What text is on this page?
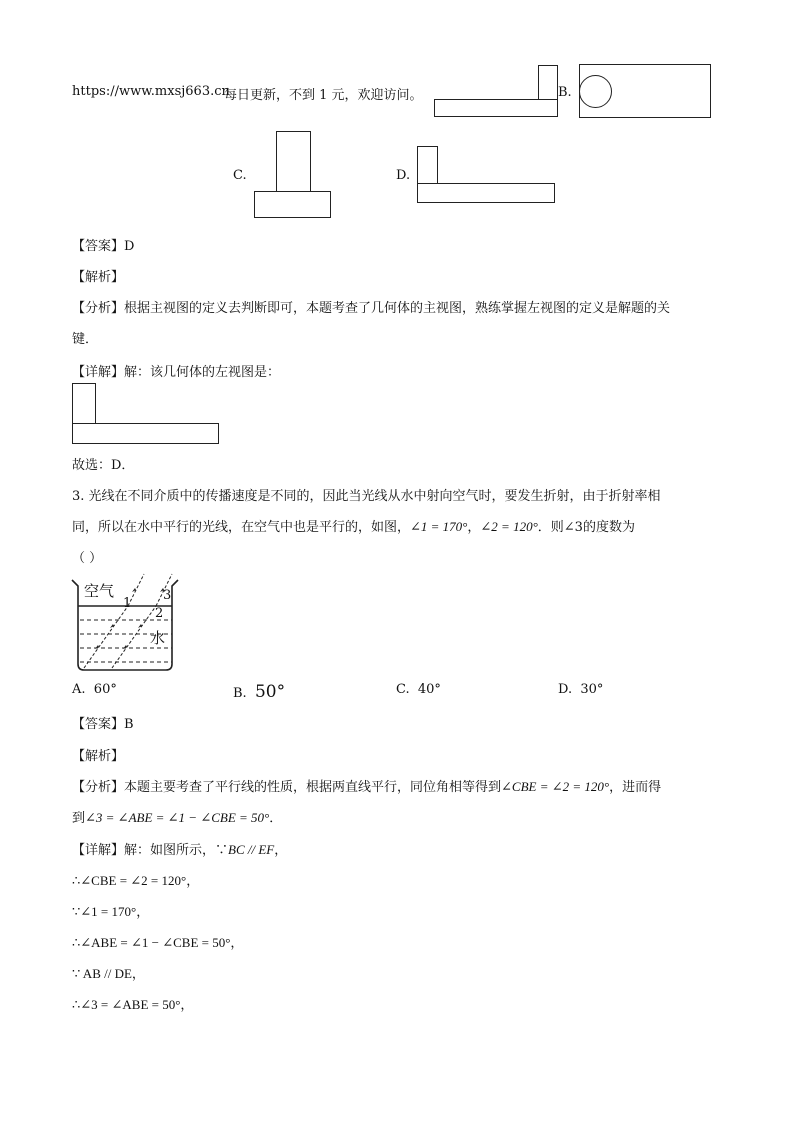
https://www.mxsj663.cn
每日更新，不到 1 元，欢迎访问。	B.
C.	D.
【答案】D
【解析】
【分析】根据主视图的定义去判断即可，本题考查了几何体的主视图，熟练掌握左视图的定义是解题的关
键．
【详解】解：该几何体的左视图是：
故选：D．
3. 光线在不同介质中的传播速度是不同的，因此当光线从水中射向空气时，要发生折射，由于折射率相
同，所以在水中平行的光线，在空气中也是平行的，如图，∠1 = 170°，∠2 = 120°．则∠3的度数为
（ ）
空气
水
1
2
3
A. 60°	B. 50°	C. 40°	D. 30°
【答案】B
【解析】
【分析】本题主要考查了平行线的性质，根据两直线平行，同位角相等得到∠CBE = ∠2 = 120°，进而得
到∠3 = ∠ABE = ∠1 − ∠CBE = 50°．
【详解】解：如图所示，∵BC // EF，
∴∠CBE = ∠2 = 120°，
∵∠1 = 170°，
∴∠ABE = ∠1 − ∠CBE = 50°，
∵ AB // DE，
∴∠3 = ∠ABE = 50°，
